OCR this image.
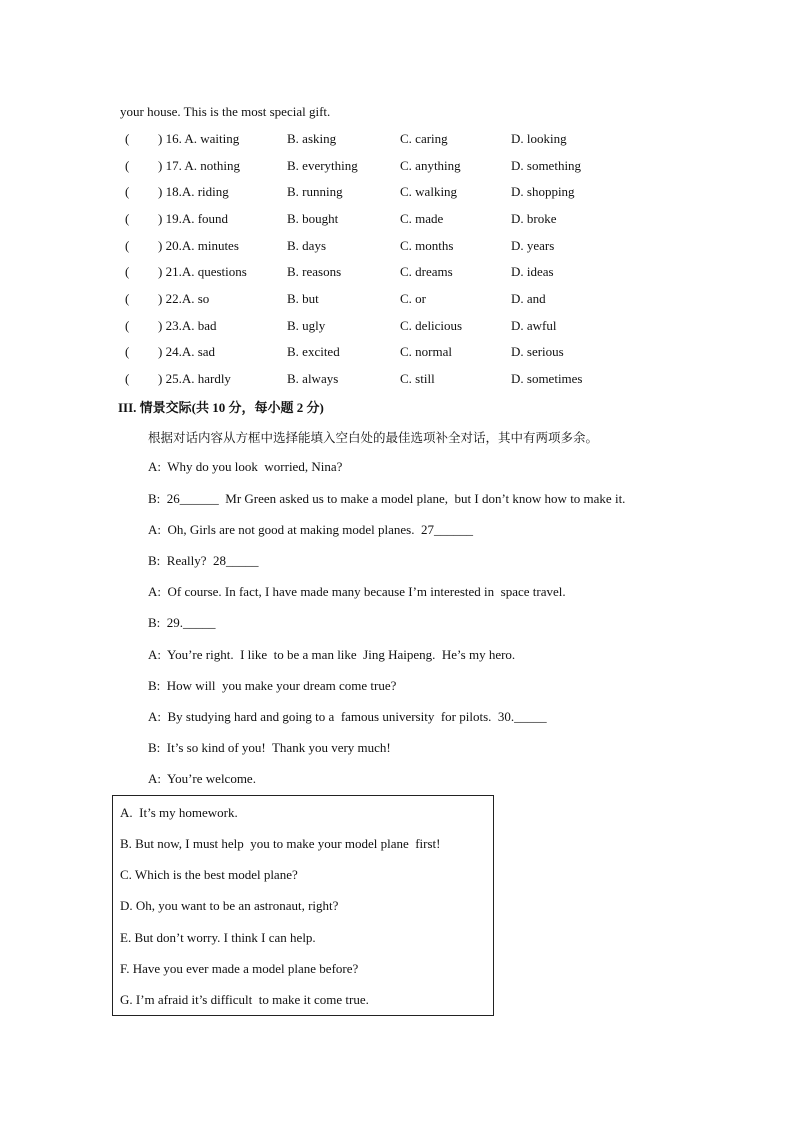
your house. This is the most special gift.
( ) 16. A. waiting	B. asking	C. caring	D. looking
( ) 17. A. nothing	B. everything	C. anything	D. something
( ) 18.A. riding	B. running	C. walking	D. shopping
( ) 19.A. found	B. bought	C. made	D. broke
( ) 20.A. minutes	B. days	C. months	D. years
( ) 21.A. questions	B. reasons	C. dreams	D. ideas
( ) 22.A. so	B. but	C. or	D. and
( ) 23.A. bad	B. ugly	C. delicious	D. awful
( ) 24.A. sad	B. excited	C. normal	D. serious
( ) 25.A. hardly	B. always	C. still	D. sometimes
III. 情景交际(共 10 分，每小题 2 分)
根据对话内容从方框中选择能填入空白处的最佳选项补全对话，其中有两项多余。
A:  Why do you look  worried, Nina?
B:  26______  Mr Green asked us to make a model plane,  but I don’t know how to make it.
A:  Oh, Girls are not good at making model planes.  27______
B:  Really?  28_____
A:  Of course. In fact, I have made many because I’m interested in  space travel.
B:  29._____
A:  You’re right.  I like  to be a man like  Jing Haipeng.  He’s my hero.
B:  How will  you make your dream come true?
A:  By studying hard and going to a  famous university  for pilots.  30._____
B:  It’s so kind of you!  Thank you very much!
A:  You’re welcome.
A.  It’s my homework.
B. But now, I must help  you to make your model plane  first!
C. Which is the best model plane?
D. Oh, you want to be an astronaut, right?
E. But don’t worry. I think I can help.
F. Have you ever made a model plane before?
G. I’m afraid it’s difficult  to make it come true.
